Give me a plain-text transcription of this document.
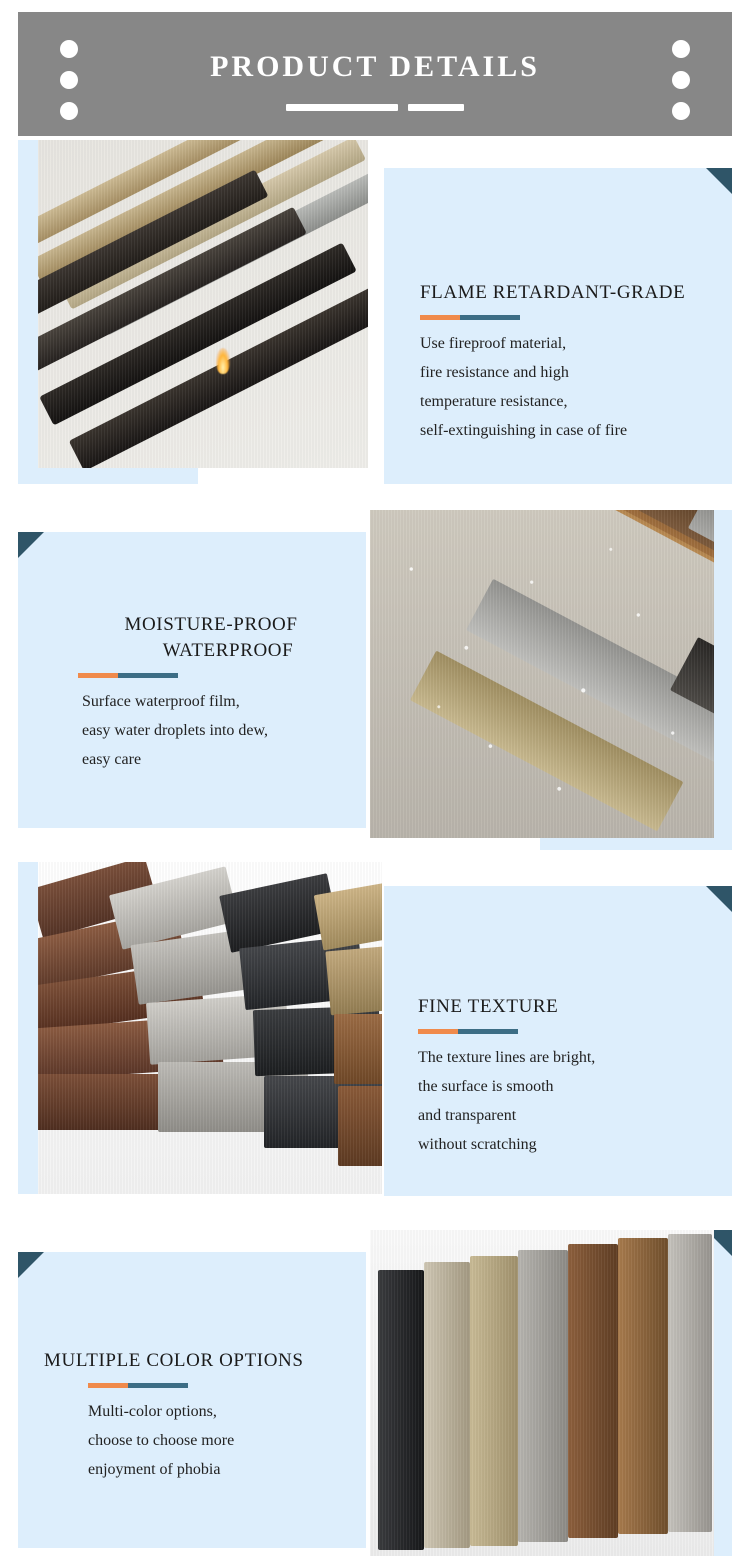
PRODUCT DETAILS
FLAME RETARDANT-GRADE
Use fireproof material,
fire resistance and high
temperature resistance,
self-extinguishing in case of fire
MOISTURE-PROOF
WATERPROOF
Surface waterproof film,
easy water droplets into dew,
easy care
FINE TEXTURE
The texture lines are bright,
the surface is smooth
and transparent
without scratching
MULTIPLE COLOR OPTIONS
Multi-color options,
choose to choose more
enjoyment of phobia
